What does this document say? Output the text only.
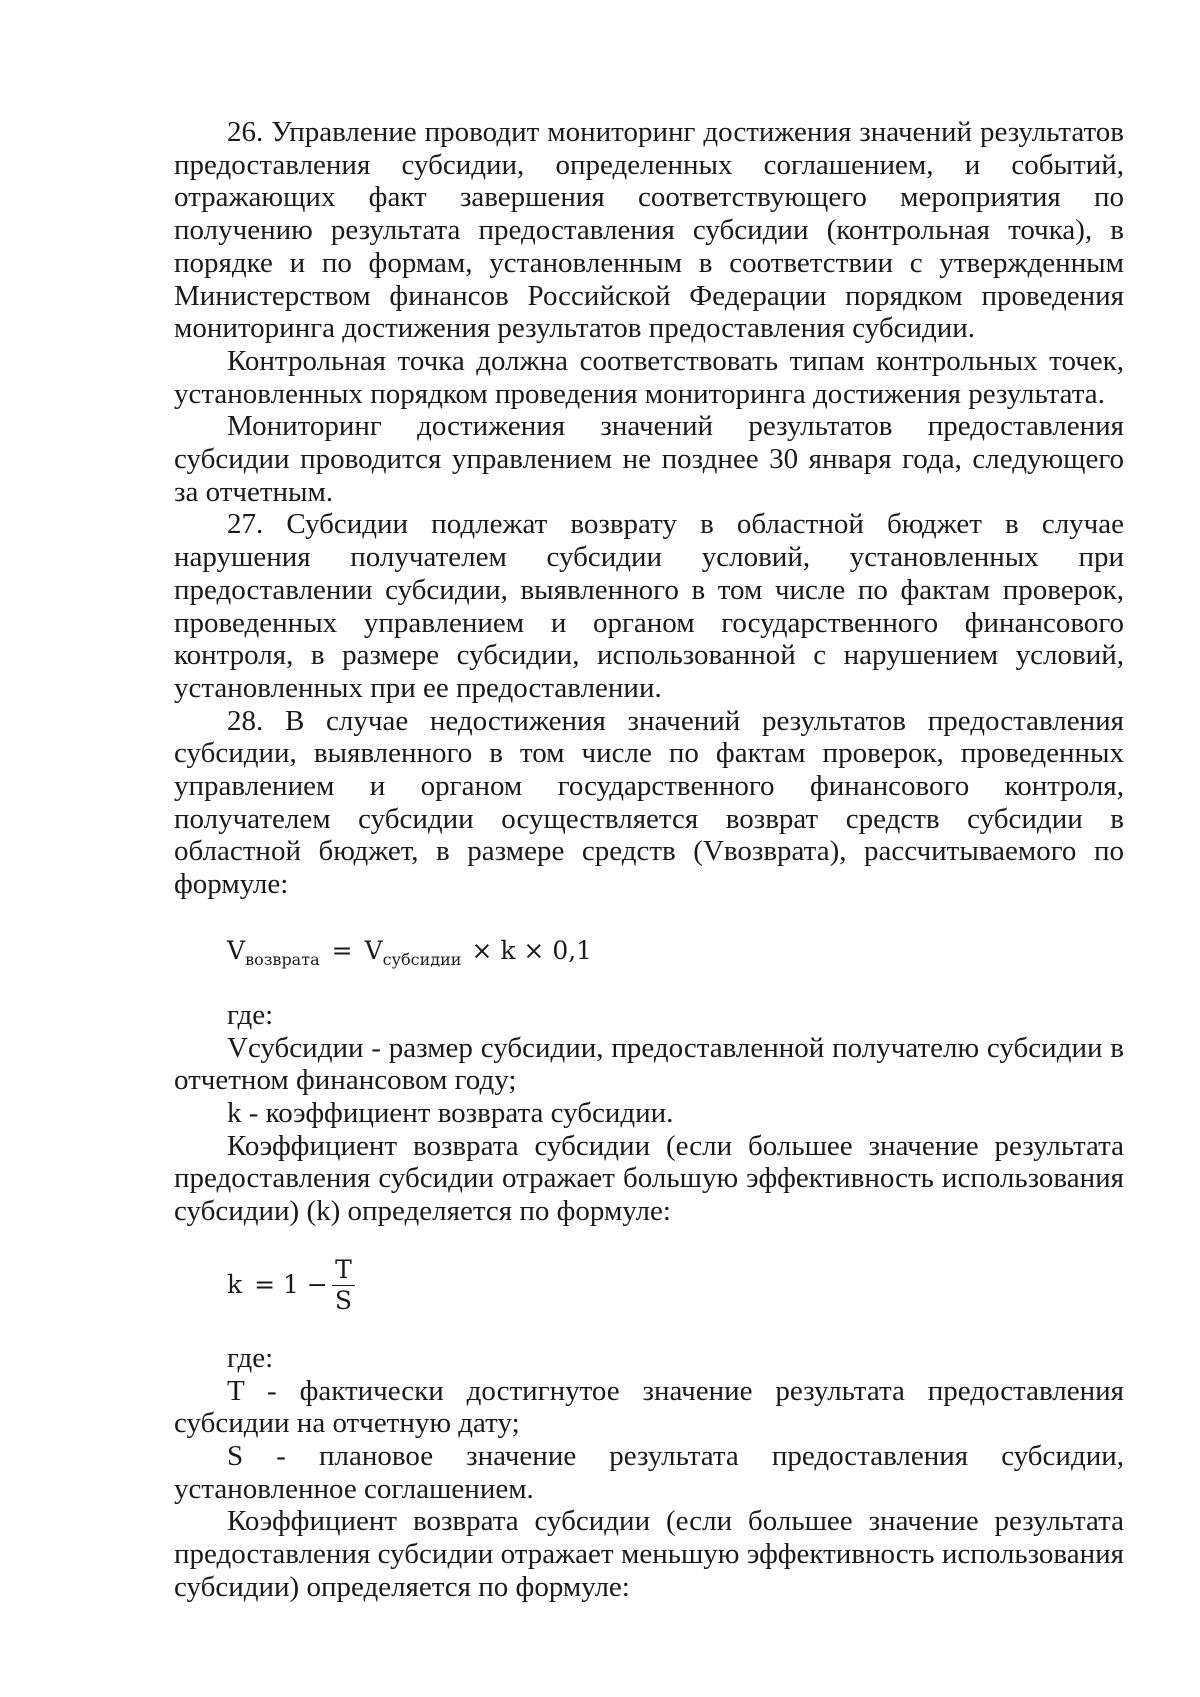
26. Управление проводит мониторинг достижения значений результатов предоставления субсидии, определенных соглашением, и событий, отражающих факт завершения соответствующего мероприятия по получению результата предоставления субсидии (контрольная точка), в порядке и по формам, установленным в соответствии с утвержденным Министерством финансов Российской Федерации порядком проведения мониторинга достижения результатов предоставления субсидии.

Контрольная точка должна соответствовать типам контрольных точек, установленных порядком проведения мониторинга достижения результата.

Мониторинг достижения значений результатов предоставления субсидии проводится управлением не позднее 30 января года, следующего за отчетным.

27. Субсидии подлежат возврату в областной бюджет в случае нарушения получателем субсидии условий, установленных при предоставлении субсидии, выявленного в том числе по фактам проверок, проведенных управлением и органом государственного финансового контроля, в размере субсидии, использованной с нарушением условий, установленных при ее предоставлении.

28. В случае недостижения значений результатов предоставления субсидии, выявленного в том числе по фактам проверок, проведенных управлением и органом государственного финансового контроля, получателем субсидии осуществляется возврат средств субсидии в областной бюджет, в размере средств (Vвозврата), рассчитываемого по формуле:

$V_{возврата} = V_{субсидии} \times k \times 0,1$

где:

Vсубсидии - размер субсидии, предоставленной получателю субсидии в отчетном финансовом году;

k - коэффициент возврата субсидии.

Коэффициент возврата субсидии (если большее значение результата предоставления субсидии отражает большую эффективность использования субсидии) (k) определяется по формуле:

$k = 1 - \frac{T}{S}$

где:

T - фактически достигнутое значение результата предоставления субсидии на отчетную дату;

S - плановое значение результата предоставления субсидии, установленное соглашением.

Коэффициент возврата субсидии (если большее значение результата предоставления субсидии отражает меньшую эффективность использования субсидии) определяется по формуле:
